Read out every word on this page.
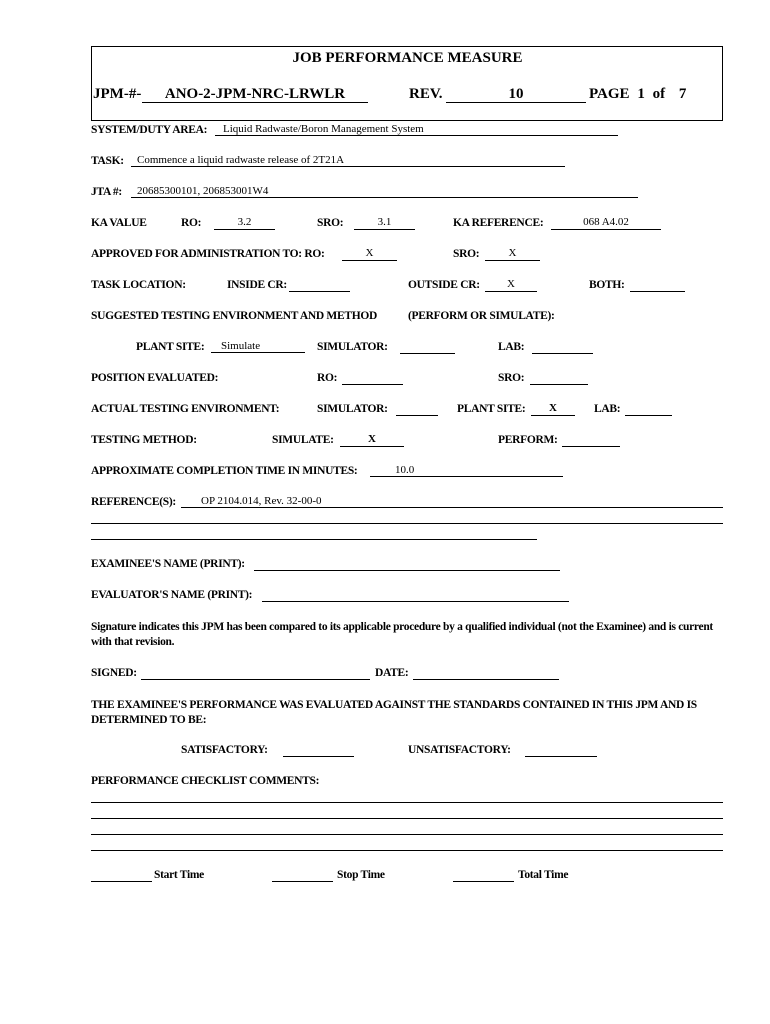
JOB PERFORMANCE MEASURE
JPM-#-	ANO-2-JPM-NRC-LRWLR	REV.	10	PAGE 1 of 7
SYSTEM/DUTY AREA:	Liquid Radwaste/Boron Management System
TASK:	Commence a liquid radwaste release of 2T21A
JTA #:	20685300101, 206853001W4
KA VALUE	RO:	3.2	SRO:	3.1	KA REFERENCE:	068 A4.02
APPROVED FOR ADMINISTRATION TO: RO:	X	SRO:	X
TASK LOCATION:	INSIDE CR:	OUTSIDE CR:	X	BOTH:
SUGGESTED TESTING ENVIRONMENT AND METHOD	(PERFORM OR SIMULATE):
PLANT SITE:	Simulate	SIMULATOR:	LAB:
POSITION EVALUATED:	RO:	SRO:
ACTUAL TESTING ENVIRONMENT:	SIMULATOR:	PLANT SITE:	X	LAB:
TESTING METHOD:	SIMULATE:	X	PERFORM:
APPROXIMATE COMPLETION TIME IN MINUTES:	10.0
REFERENCE(S):	OP 2104.014, Rev. 32-00-0
EXAMINEE'S NAME (PRINT):
EVALUATOR'S NAME (PRINT):
Signature indicates this JPM has been compared to its applicable procedure by a qualified individual (not the Examinee) and is current with that revision.
SIGNED:	DATE:
THE EXAMINEE'S PERFORMANCE WAS EVALUATED AGAINST THE STANDARDS CONTAINED IN THIS JPM AND IS DETERMINED TO BE:
SATISFACTORY:	UNSATISFACTORY:
PERFORMANCE CHECKLIST COMMENTS:
Start Time	Stop Time	Total Time
